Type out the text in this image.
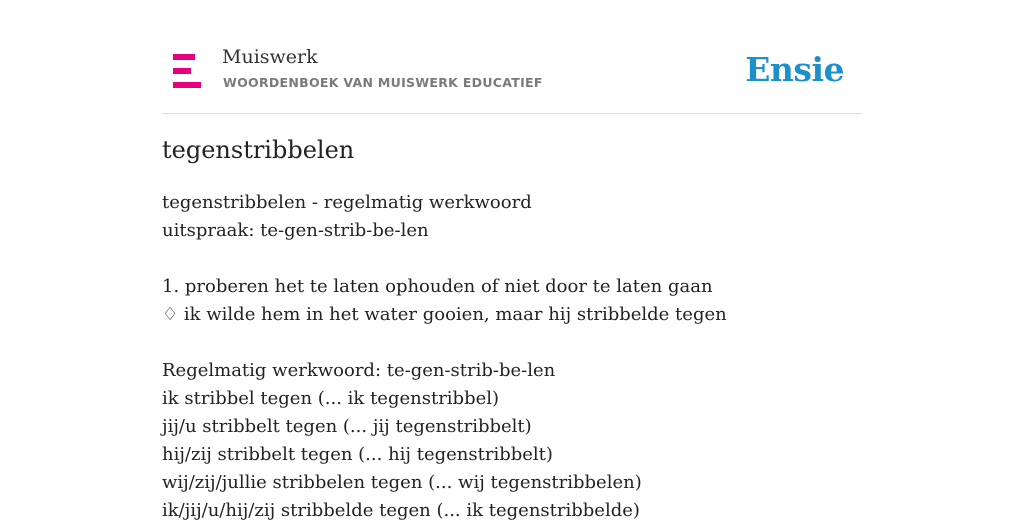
Muiswerk
WOORDENBOEK VAN MUISWERK EDUCATIEF	Ensie
tegenstribbelen
tegenstribbelen - regelmatig werkwoord
uitspraak: te-gen-strib-be-len
1. proberen het te laten ophouden of niet door te laten gaan
♢ ik wilde hem in het water gooien, maar hij stribbelde tegen
Regelmatig werkwoord: te-gen-strib-be-len
ik stribbel tegen (... ik tegenstribbel)
jij/u stribbelt tegen (... jij tegenstribbelt)
hij/zij stribbelt tegen (... hij tegenstribbelt)
wij/zij/jullie stribbelen tegen (... wij tegenstribbelen)
ik/jij/u/hij/zij stribbelde tegen (... ik tegenstribbelde)
